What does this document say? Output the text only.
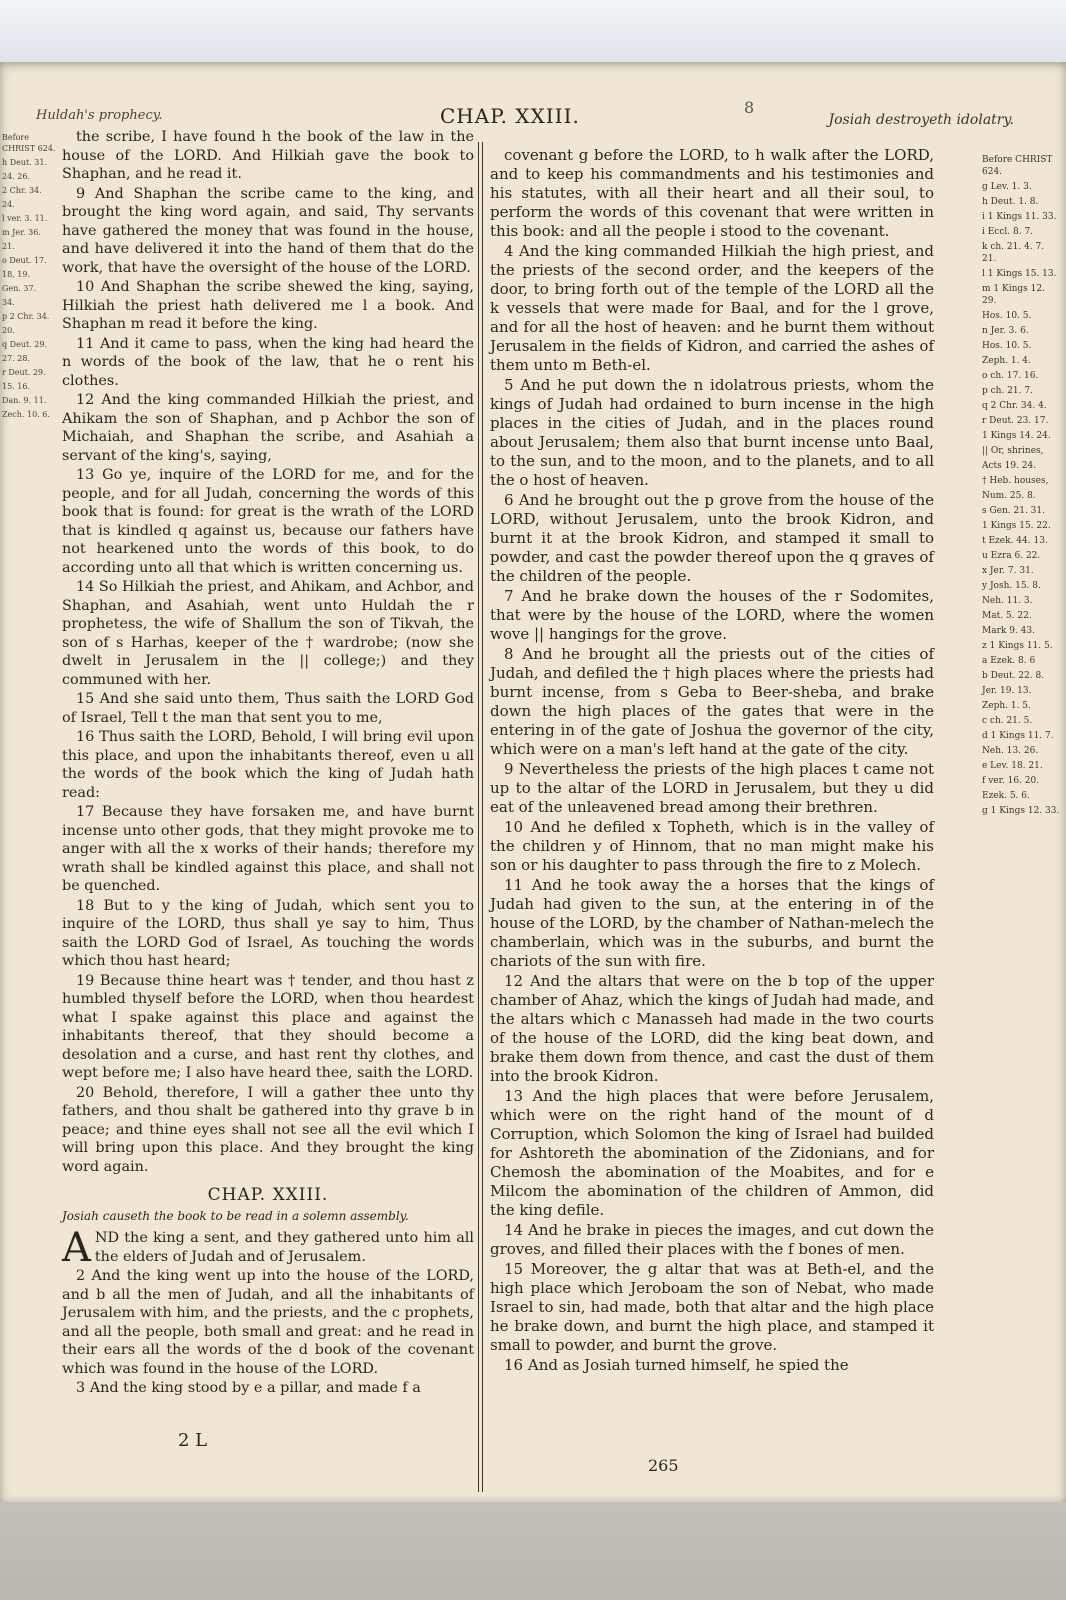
Huldah's prophecy.	CHAP. XXIII.	8
Josiah destroyeth idolatry.
Before CHRIST 624.
h Deut. 31.
24. 26.
2 Chr. 34.
24.
l ver. 3. 11.
m Jer. 36.
21.
o Deut. 17.
18, 19.
Gen. 37.
34.
p 2 Chr. 34.
20.
q Deut. 29.
27. 28.
r Deut. 29.
15. 16.
Dan. 9. 11.
Zech. 10. 6.

the scribe, I have found h the book of the law in the house of the LORD. And Hilkiah gave the book to Shaphan, and he read it.

9 And Shaphan the scribe came to the king, and brought the king word again, and said, Thy servants have gathered the money that was found in the house, and have delivered it into the hand of them that do the work, that have the oversight of the house of the LORD.

10 And Shaphan the scribe shewed the king, saying, Hilkiah the priest hath delivered me l a book. And Shaphan m read it before the king.

11 And it came to pass, when the king had heard the n words of the book of the law, that he o rent his clothes.

12 And the king commanded Hilkiah the priest, and Ahikam the son of Shaphan, and p Achbor the son of Michaiah, and Shaphan the scribe, and Asahiah a servant of the king's, saying,

13 Go ye, inquire of the LORD for me, and for the people, and for all Judah, concerning the words of this book that is found: for great is the wrath of the LORD that is kindled q against us, because our fathers have not hearkened unto the words of this book, to do according unto all that which is written concerning us.

14 So Hilkiah the priest, and Ahikam, and Achbor, and Shaphan, and Asahiah, went unto Huldah the r prophetess, the wife of Shallum the son of Tikvah, the son of s Harhas, keeper of the † wardrobe; (now she dwelt in Jerusalem in the || college;) and they communed with her.

15 And she said unto them, Thus saith the LORD God of Israel, Tell t the man that sent you to me,

16 Thus saith the LORD, Behold, I will bring evil upon this place, and upon the inhabitants thereof, even u all the words of the book which the king of Judah hath read:

17 Because they have forsaken me, and have burnt incense unto other gods, that they might provoke me to anger with all the x works of their hands; therefore my wrath shall be kindled against this place, and shall not be quenched.

18 But to y the king of Judah, which sent you to inquire of the LORD, thus shall ye say to him, Thus saith the LORD God of Israel, As touching the words which thou hast heard;

19 Because thine heart was † tender, and thou hast z humbled thyself before the LORD, when thou heardest what I spake against this place and against the inhabitants thereof, that they should become a desolation and a curse, and hast rent thy clothes, and wept before me; I also have heard thee, saith the LORD.

20 Behold, therefore, I will a gather thee unto thy fathers, and thou shalt be gathered into thy grave b in peace; and thine eyes shall not see all the evil which I will bring upon this place. And they brought the king word again.

CHAP. XXIII.
Josiah causeth the book to be read in a solemn assembly.
AND the king a sent, and they gathered unto him all the elders of Judah and of Jerusalem.

2 And the king went up into the house of the LORD, and b all the men of Judah, and all the inhabitants of Jerusalem with him, and the priests, and the c prophets, and all the people, both small and great: and he read in their ears all the words of the d book of the covenant which was found in the house of the LORD.

3 And the king stood by e a pillar, and made f a

covenant g before the LORD, to h walk after the LORD, and to keep his commandments and his testimonies and his statutes, with all their heart and all their soul, to perform the words of this covenant that were written in this book: and all the people i stood to the covenant.

4 And the king commanded Hilkiah the high priest, and the priests of the second order, and the keepers of the door, to bring forth out of the temple of the LORD all the k vessels that were made for Baal, and for the l grove, and for all the host of heaven: and he burnt them without Jerusalem in the fields of Kidron, and carried the ashes of them unto m Beth-el.

5 And he put down the n idolatrous priests, whom the kings of Judah had ordained to burn incense in the high places in the cities of Judah, and in the places round about Jerusalem; them also that burnt incense unto Baal, to the sun, and to the moon, and to the planets, and to all the o host of heaven.

6 And he brought out the p grove from the house of the LORD, without Jerusalem, unto the brook Kidron, and burnt it at the brook Kidron, and stamped it small to powder, and cast the powder thereof upon the q graves of the children of the people.

7 And he brake down the houses of the r Sodomites, that were by the house of the LORD, where the women wove || hangings for the grove.

8 And he brought all the priests out of the cities of Judah, and defiled the † high places where the priests had burnt incense, from s Geba to Beer-sheba, and brake down the high places of the gates that were in the entering in of the gate of Joshua the governor of the city, which were on a man's left hand at the gate of the city.

9 Nevertheless the priests of the high places t came not up to the altar of the LORD in Jerusalem, but they u did eat of the unleavened bread among their brethren.

10 And he defiled x Topheth, which is in the valley of the children y of Hinnom, that no man might make his son or his daughter to pass through the fire to z Molech.

11 And he took away the a horses that the kings of Judah had given to the sun, at the entering in of the house of the LORD, by the chamber of Nathan-melech the chamberlain, which was in the suburbs, and burnt the chariots of the sun with fire.

12 And the altars that were on the b top of the upper chamber of Ahaz, which the kings of Judah had made, and the altars which c Manasseh had made in the two courts of the house of the LORD, did the king beat down, and brake them down from thence, and cast the dust of them into the brook Kidron.

13 And the high places that were before Jerusalem, which were on the right hand of the mount of d Corruption, which Solomon the king of Israel had builded for Ashtoreth the abomination of the Zidonians, and for Chemosh the abomination of the Moabites, and for e Milcom the abomination of the children of Ammon, did the king defile.

14 And he brake in pieces the images, and cut down the groves, and filled their places with the f bones of men.

15 Moreover, the g altar that was at Beth-el, and the high place which Jeroboam the son of Nebat, who made Israel to sin, had made, both that altar and the high place he brake down, and burnt the high place, and stamped it small to powder, and burnt the grove.

16 And as Josiah turned himself, he spied the

Before CHRIST 624.
g Lev. 1. 3.
h Deut. 1. 8.
i 1 Kings 11. 33.
i Eccl. 8. 7.
k ch. 21. 4. 7. 21.
l 1 Kings 15. 13.
m 1 Kings 12. 29.
Hos. 10. 5.
n Jer. 3. 6.
Hos. 10. 5.
Zeph. 1. 4.
o ch. 17. 16.
p ch. 21. 7.
q 2 Chr. 34. 4.
r Deut. 23. 17.
1 Kings 14. 24.
|| Or, shrines,
Acts 19. 24.
† Heb. houses,
Num. 25. 8.
s Gen. 21. 31.
1 Kings 15. 22.
t Ezek. 44. 13.
u Ezra 6. 22.
x Jer. 7. 31.
y Josh. 15. 8.
Neh. 11. 3.
Mat. 5. 22.
Mark 9. 43.
z 1 Kings 11. 5.
a Ezek. 8. 6
b Deut. 22. 8.
Jer. 19. 13.
Zeph. 1. 5.
c ch. 21. 5.
d 1 Kings 11. 7.
Neh. 13. 26.
e Lev. 18. 21.
f ver. 16. 20.
Ezek. 5. 6.
g 1 Kings 12. 33.
2 L
265
